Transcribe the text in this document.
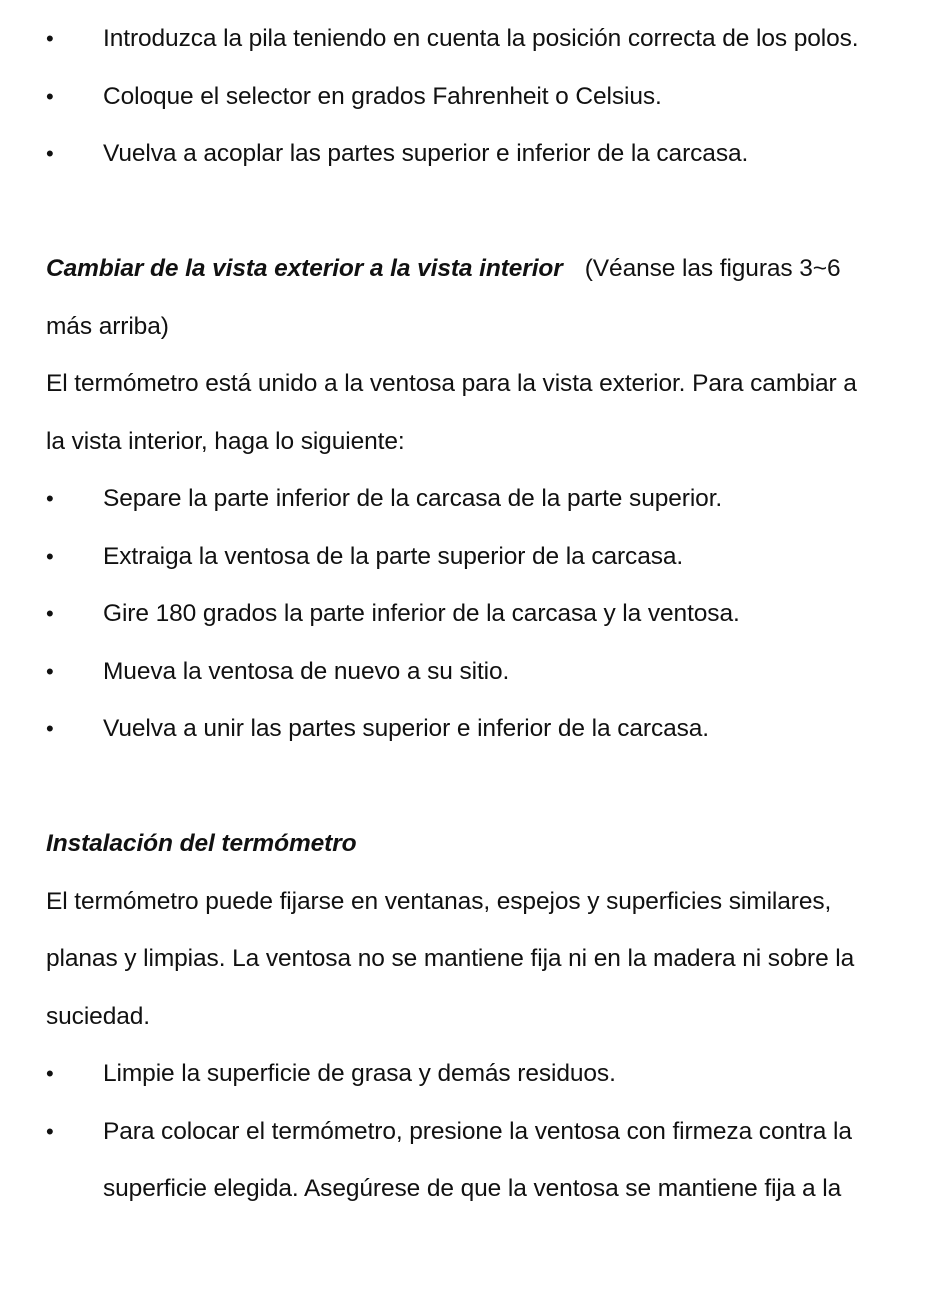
• Introduzca la pila teniendo en cuenta la posición correcta de los polos.
• Coloque el selector en grados Fahrenheit o Celsius.
• Vuelva a acoplar las partes superior e inferior de la carcasa.
Cambiar de la vista exterior a la vista interior (Véanse las figuras 3~6
más arriba)
El termómetro está unido a la ventosa para la vista exterior. Para cambiar a
la vista interior, haga lo siguiente:
• Separe la parte inferior de la carcasa de la parte superior.
• Extraiga la ventosa de la parte superior de la carcasa.
• Gire 180 grados la parte inferior de la carcasa y la ventosa.
• Mueva la ventosa de nuevo a su sitio.
• Vuelva a unir las partes superior e inferior de la carcasa.
Instalación del termómetro
El termómetro puede fijarse en ventanas, espejos y superficies similares,
planas y limpias. La ventosa no se mantiene fija ni en la madera ni sobre la
suciedad.
• Limpie la superficie de grasa y demás residuos.
• Para colocar el termómetro, presione la ventosa con firmeza contra la
superficie elegida. Asegúrese de que la ventosa se mantiene fija a la
